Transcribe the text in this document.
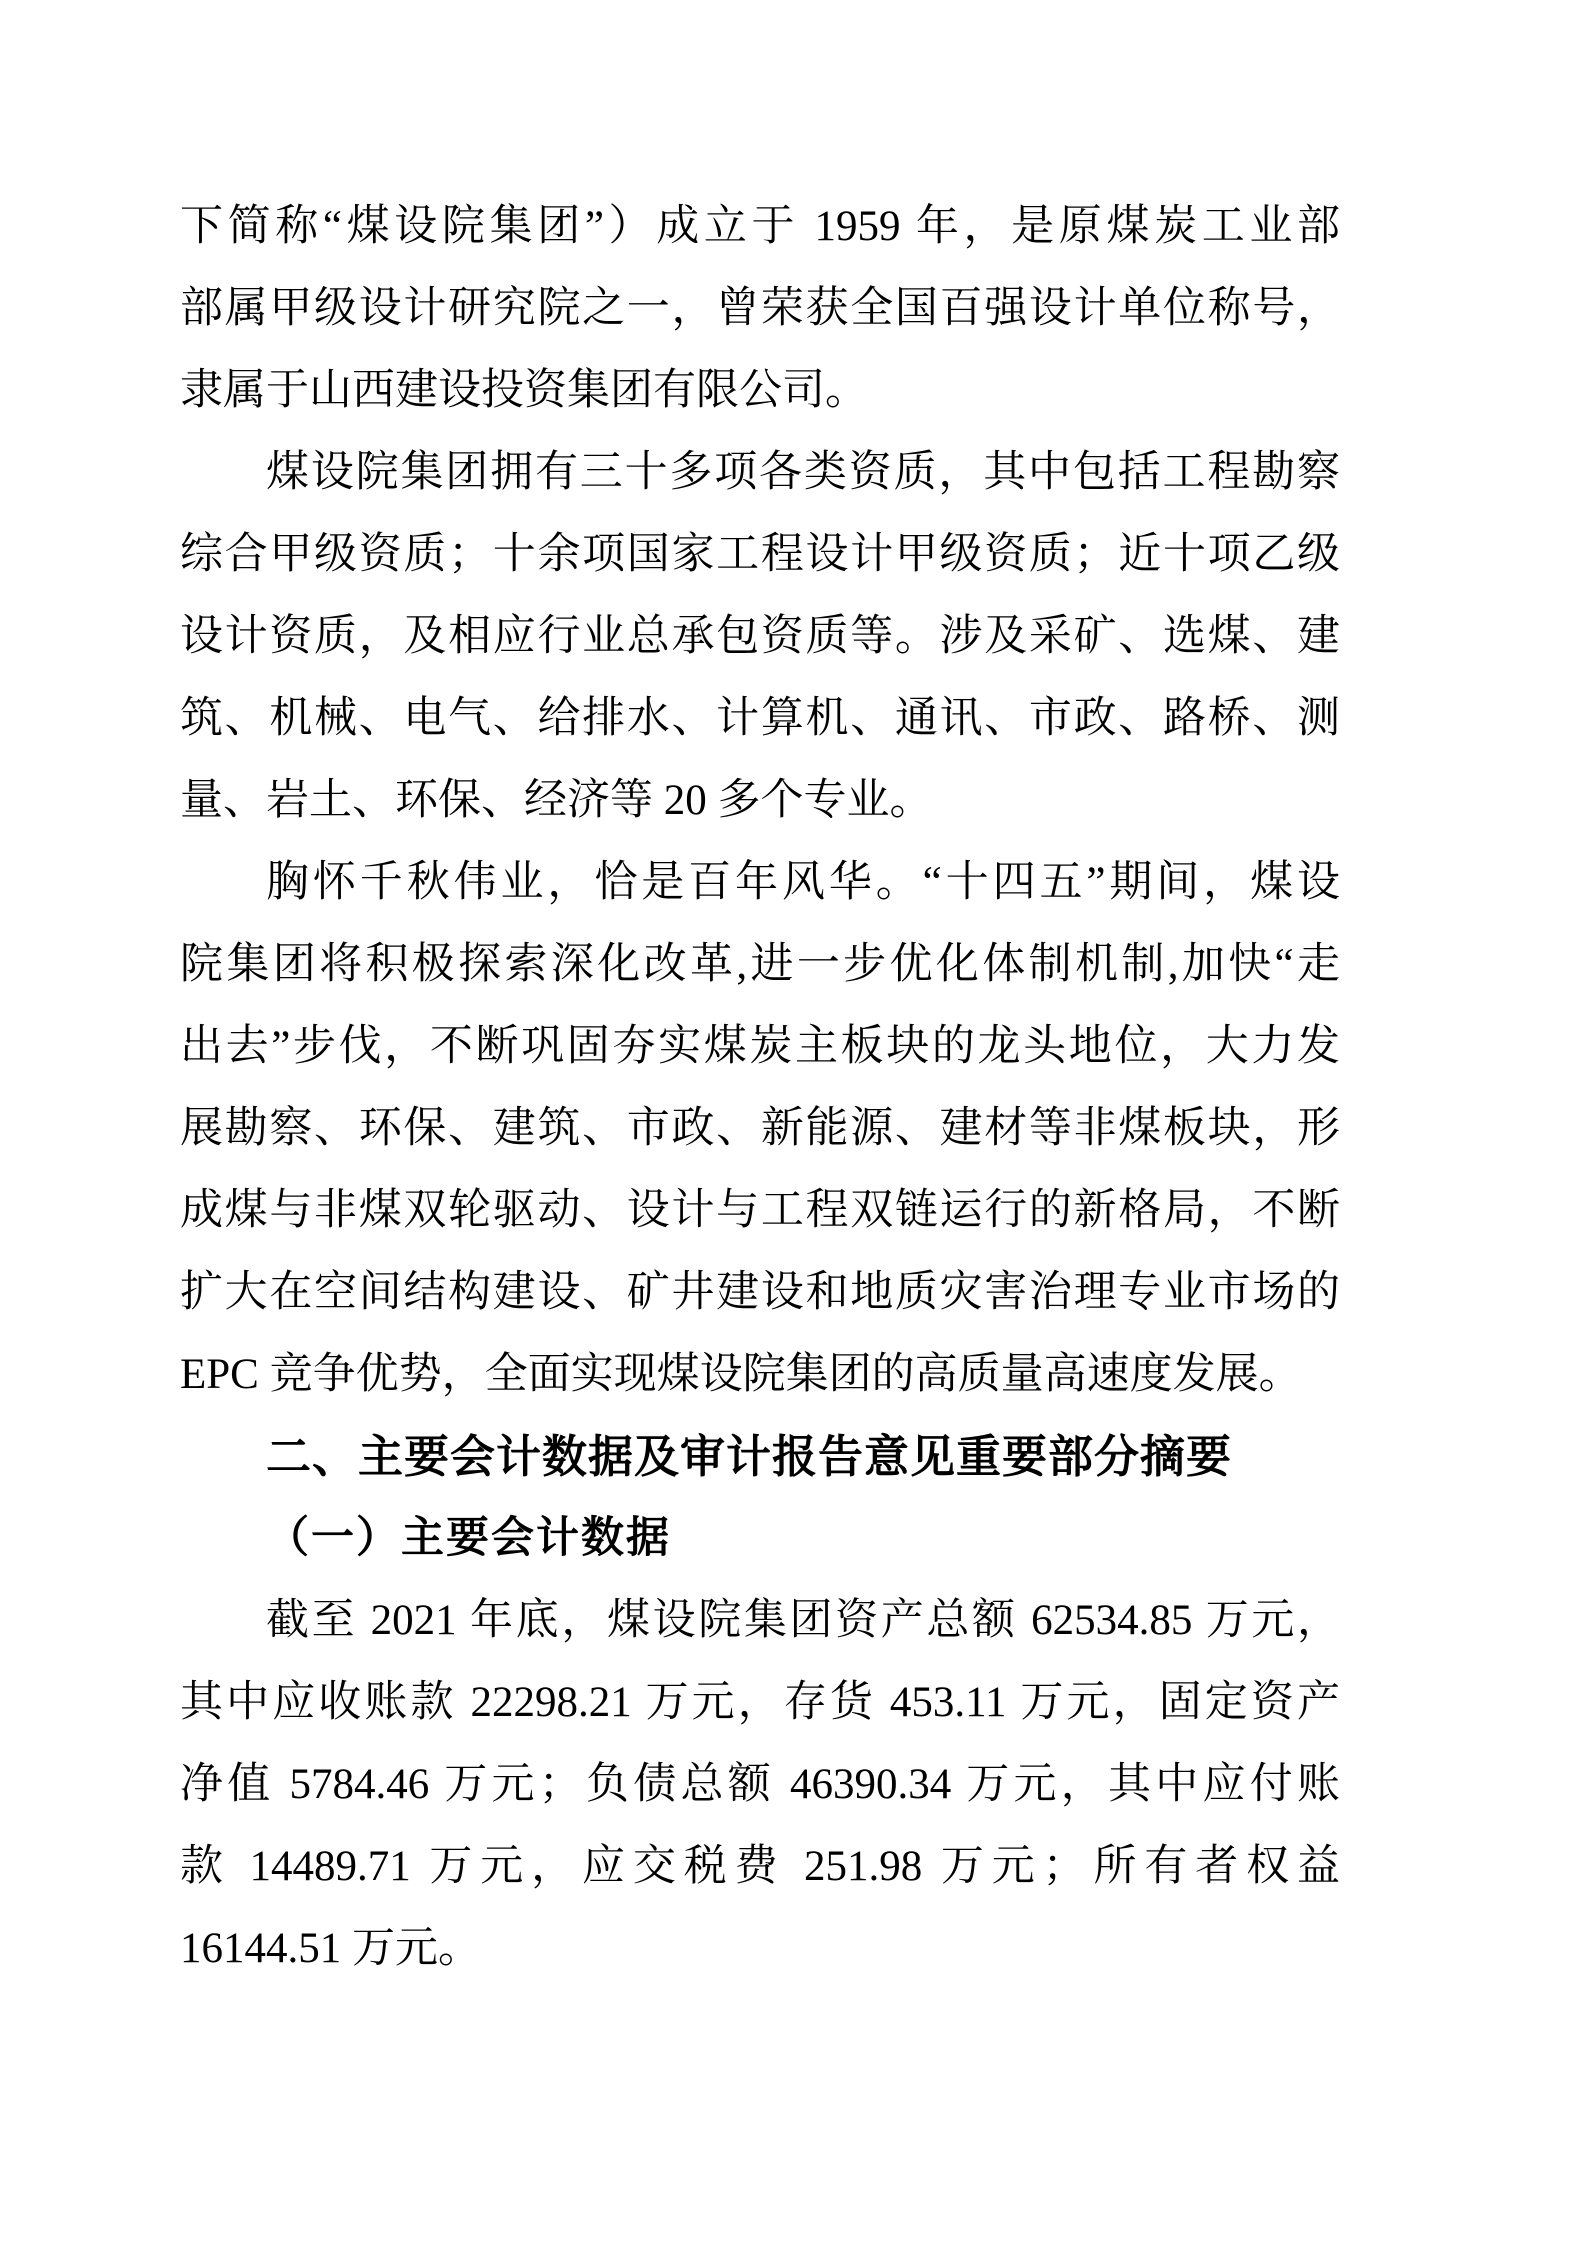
下简称“煤设院集团”）成立于 1959 年，是原煤炭工业部
部属甲级设计研究院之一，曾荣获全国百强设计单位称号，
隶属于山西建设投资集团有限公司。
煤设院集团拥有三十多项各类资质，其中包括工程勘察
综合甲级资质；十余项国家工程设计甲级资质；近十项乙级
设计资质，及相应行业总承包资质等。涉及采矿、选煤、建
筑、机械、电气、给排水、计算机、通讯、市政、路桥、测
量、岩土、环保、经济等 20 多个专业。
胸怀千秋伟业，恰是百年风华。“十四五”期间，煤设
院集团将积极探索深化改革,进一步优化体制机制,加快“走
出去”步伐，不断巩固夯实煤炭主板块的龙头地位，大力发
展勘察、环保、建筑、市政、新能源、建材等非煤板块，形
成煤与非煤双轮驱动、设计与工程双链运行的新格局，不断
扩大在空间结构建设、矿井建设和地质灾害治理专业市场的
EPC 竞争优势，全面实现煤设院集团的高质量高速度发展。
二、主要会计数据及审计报告意见重要部分摘要
（一）主要会计数据
截至 2021 年底，煤设院集团资产总额 62534.85 万元，
其中应收账款 22298.21 万元，存货 453.11 万元，固定资产
净值 5784.46 万元；负债总额 46390.34 万元，其中应付账
款 14489.71 万元，应交税费 251.98 万元；所有者权益
16144.51 万元。
